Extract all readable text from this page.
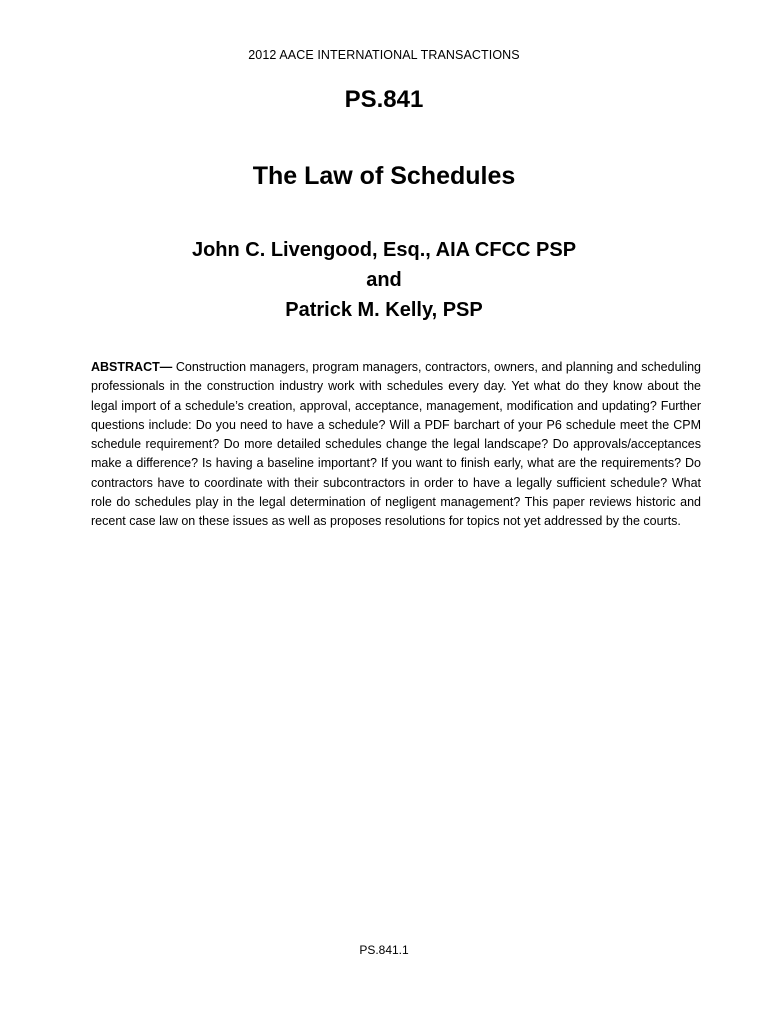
2012 AACE INTERNATIONAL TRANSACTIONS
PS.841
The Law of Schedules
John C. Livengood, Esq., AIA CFCC PSP
and
Patrick M. Kelly, PSP
ABSTRACT— Construction managers, program managers, contractors, owners, and planning and scheduling professionals in the construction industry work with schedules every day. Yet what do they know about the legal import of a schedule’s creation, approval, acceptance, management, modification and updating? Further questions include: Do you need to have a schedule? Will a PDF barchart of your P6 schedule meet the CPM schedule requirement? Do more detailed schedules change the legal landscape? Do approvals/acceptances make a difference? Is having a baseline important? If you want to finish early, what are the requirements? Do contractors have to coordinate with their subcontractors in order to have a legally sufficient schedule? What role do schedules play in the legal determination of negligent management? This paper reviews historic and recent case law on these issues as well as proposes resolutions for topics not yet addressed by the courts.
PS.841.1
